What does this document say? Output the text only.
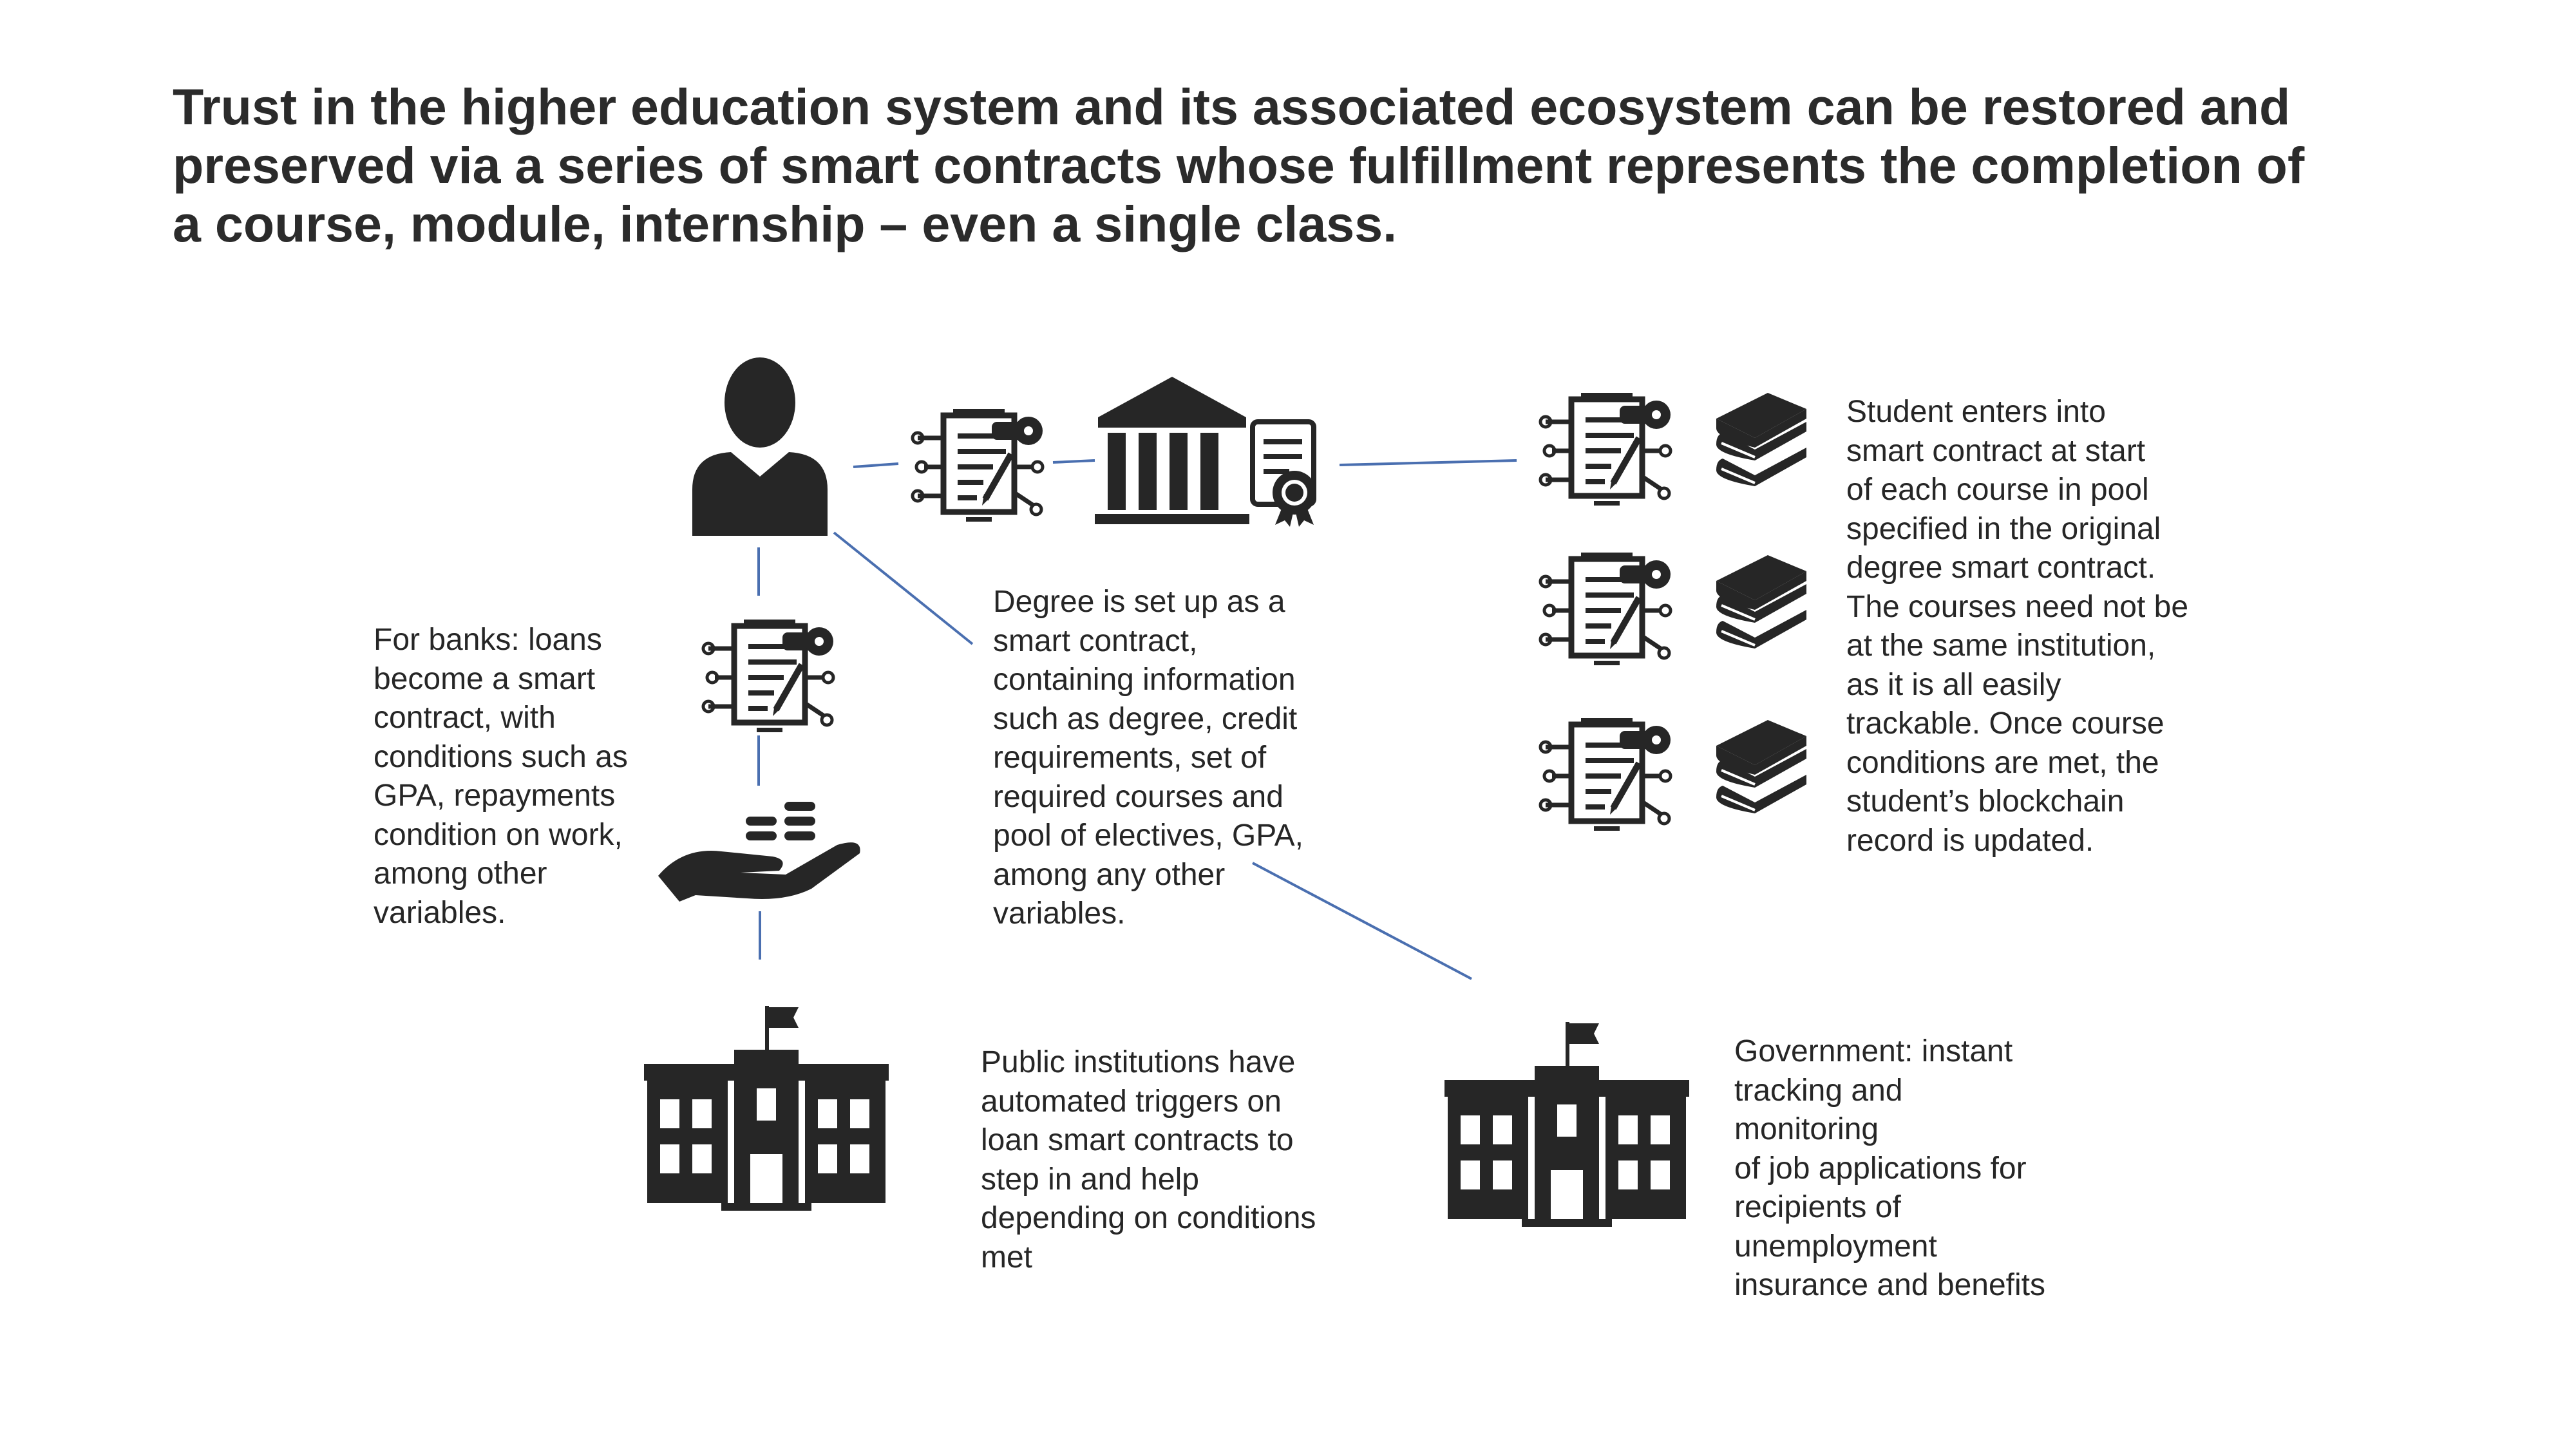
Trust in the higher education system and its associated ecosystem can be restored and
preserved via a series of smart contracts whose fulfillment represents the completion of
a course, module, internship – even a single class.
For banks: loans
become a smart
contract, with
conditions such as
GPA, repayments
condition on work,
among other
variables.
Degree is set up as a
smart contract,
containing information
such as degree, credit
requirements, set of
required courses and
pool of electives, GPA,
among any other
variables.
Student enters into
smart contract at start
of each course in pool
specified in the original
degree smart contract.
The courses need not be
at the same institution,
as it is all easily
trackable. Once course
conditions are met, the
student’s blockchain
record is updated.
Public institutions have
automated triggers on
loan smart contracts to
step in and help
depending on conditions
met
Government: instant
tracking and
monitoring
of job applications for
recipients of
unemployment
insurance and benefits
